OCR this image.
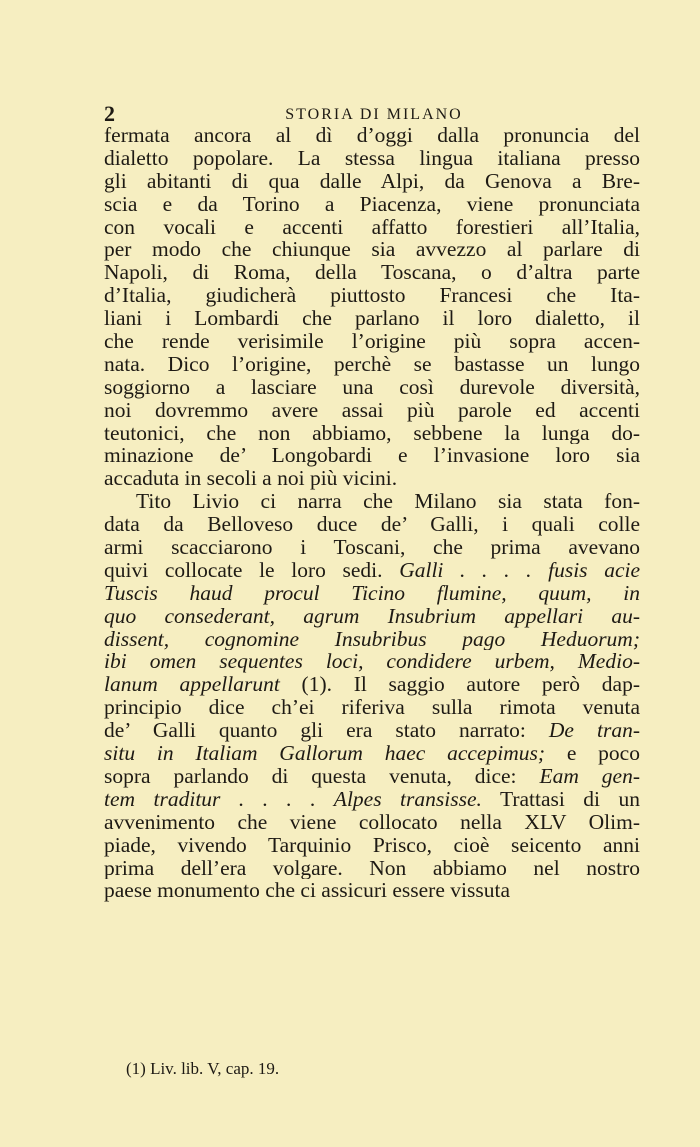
2	STORIA DI MILANO
fermata ancora al dì d’oggi dalla pronuncia del
dialetto popolare. La stessa lingua italiana presso
gli abitanti di qua dalle Alpi, da Genova a Bre-
scia e da Torino a Piacenza, viene pronunciata
con vocali e accenti affatto forestieri all’Italia,
per modo che chiunque sia avvezzo al parlare di
Napoli, di Roma, della Toscana, o d’altra parte
d’Italia, giudicherà piuttosto Francesi che Ita-
liani i Lombardi che parlano il loro dialetto, il
che rende verisimile l’origine più sopra accen-
nata. Dico l’origine, perchè se bastasse un lungo
soggiorno a lasciare una così durevole diversità,
noi dovremmo avere assai più parole ed accenti
teutonici, che non abbiamo, sebbene la lunga do-
minazione de’ Longobardi e l’invasione loro sia
accaduta in secoli a noi più vicini.
Tito Livio ci narra che Milano sia stata fon-
data da Belloveso duce de’ Galli, i quali colle
armi scacciarono i Toscani, che prima avevano
quivi collocate le loro sedi. Galli . . . . fusis acie
Tuscis haud procul Ticino flumine, quum, in
quo consederant, agrum Insubrium appellari au-
dissent, cognomine Insubribus pago Heduorum;
ibi omen sequentes loci, condidere urbem, Medio-
lanum appellarunt (1). Il saggio autore però dap-
principio dice ch’ei riferiva sulla rimota venuta
de’ Galli quanto gli era stato narrato: De tran-
situ in Italiam Gallorum haec accepimus; e poco
sopra parlando di questa venuta, dice: Eam gen-
tem traditur . . . . Alpes transisse. Trattasi di un
avvenimento che viene collocato nella XLV Olim-
piade, vivendo Tarquinio Prisco, cioè seicento anni
prima dell’era volgare. Non abbiamo nel nostro
paese monumento che ci assicuri essere vissuta
(1) Liv. lib. V, cap. 19.
